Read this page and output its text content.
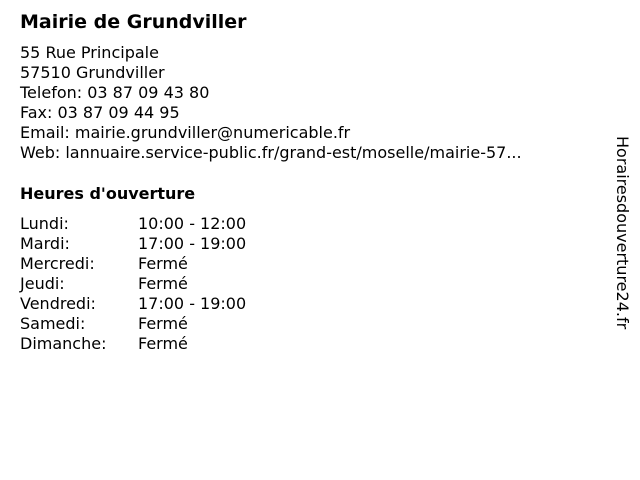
Mairie de Grundviller
55 Rue Principale
57510 Grundviller
Telefon: 03 87 09 43 80
Fax: 03 87 09 44 95
Email: mairie.grundviller@numericable.fr
Web: lannuaire.service-public.fr/grand-est/moselle/mairie-57...
Heures d'ouverture
Lundi:	10:00 - 12:00
Mardi:	17:00 - 19:00
Mercredi:	Fermé
Jeudi:	Fermé
Vendredi:	17:00 - 19:00
Samedi:	Fermé
Dimanche: Fermé
Horairesdouverture24.fr
